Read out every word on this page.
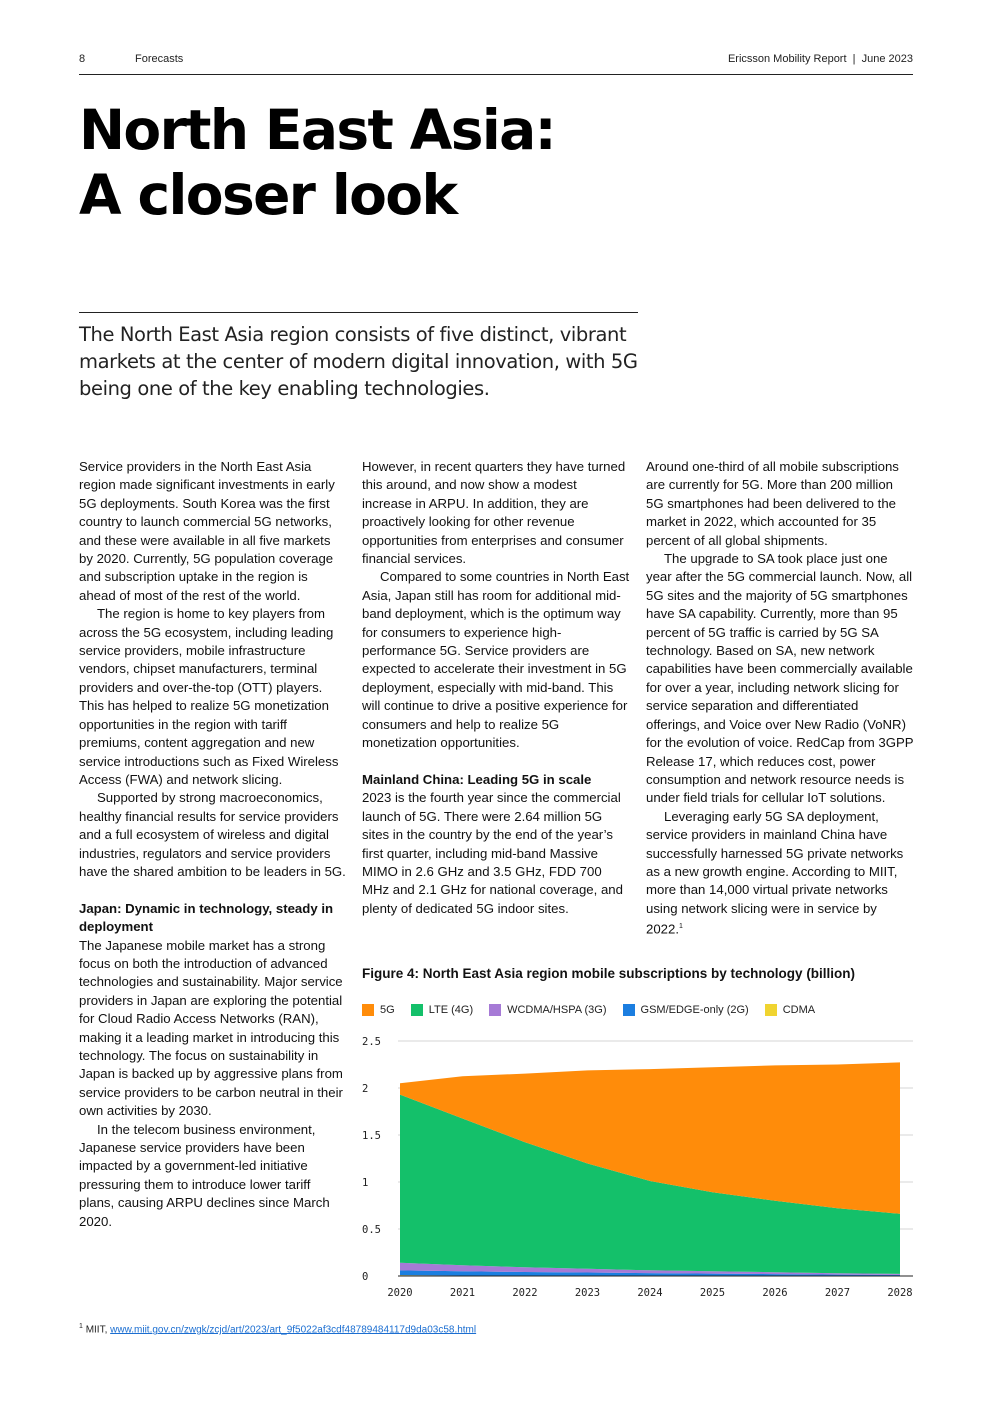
8	Forecasts	Ericsson Mobility Report  |  June 2023
North East Asia:
A closer look
The North East Asia region consists of five distinct, vibrant markets at the center of modern digital innovation, with 5G being one of the key enabling technologies.

Service providers in the North East Asia region made significant investments in early 5G deployments. South Korea was the first country to launch commercial 5G networks, and these were available in all five markets by 2020. Currently, 5G population coverage and subscription uptake in the region is ahead of most of the rest of the world.

The region is home to key players from across the 5G ecosystem, including leading service providers, mobile infrastructure vendors, chipset manufacturers, terminal providers and over-the-top (OTT) players. This has helped to realize 5G monetization opportunities in the region with tariff premiums, content aggregation and new service introductions such as Fixed Wireless Access (FWA) and network slicing.

Supported by strong macroeconomics, healthy financial results for service providers and a full ecosystem of wireless and digital industries, regulators and service providers have the shared ambition to be leaders in 5G.

Japan: Dynamic in technology, steady in deployment

The Japanese mobile market has a strong focus on both the introduction of advanced technologies and sustainability. Major service providers in Japan are exploring the potential for Cloud Radio Access Networks (RAN), making it a leading market in introducing this technology. The focus on sustainability in Japan is backed up by aggressive plans from service providers to be carbon neutral in their own activities by 2030.

In the telecom business environment, Japanese service providers have been impacted by a government-led initiative pressuring them to introduce lower tariff plans, causing ARPU declines since March 2020.

However, in recent quarters they have turned this around, and now show a modest increase in ARPU. In addition, they are proactively looking for other revenue opportunities from enterprises and consumer financial services.

Compared to some countries in North East Asia, Japan still has room for additional mid-band deployment, which is the optimum way for consumers to experience high-performance 5G. Service providers are expected to accelerate their investment in 5G deployment, especially with mid-band. This will continue to drive a positive experience for consumers and help to realize 5G monetization opportunities.

Mainland China: Leading 5G in scale

2023 is the fourth year since the commercial launch of 5G. There were 2.64 million 5G sites in the country by the end of the year’s first quarter, including mid-band Massive MIMO in 2.6 GHz and 3.5 GHz, FDD 700 MHz and 2.1 GHz for national coverage, and plenty of dedicated 5G indoor sites.

Around one-third of all mobile subscriptions are currently for 5G. More than 200 million 5G smartphones had been delivered to the market in 2022, which accounted for 35 percent of all global shipments.

The upgrade to SA took place just one year after the 5G commercial launch. Now, all 5G sites and the majority of 5G smartphones have SA capability. Currently, more than 95 percent of 5G traffic is carried by 5G SA technology. Based on SA, new network capabilities have been commercially available for over a year, including network slicing for service separation and differentiated offerings, and Voice over New Radio (VoNR) for the evolution of voice. RedCap from 3GPP Release 17, which reduces cost, power consumption and network resource needs is under field trials for cellular IoT solutions.

Leveraging early 5G SA deployment, service providers in mainland China have successfully harnessed 5G private networks as a new growth engine. According to MIIT, more than 14,000 virtual private networks using network slicing were in service by 2022.$^1$

Figure 4: North East Asia region mobile subscriptions by technology (billion)
5G	LTE (4G)	WCDMA/HSPA (3G)	GSM/EDGE-only (2G)	CDMA
0
0.5
1
1.5
2
2.5
2020	2021	2022	2023	2024	2025	2026	2027	2028
$^1$ MIIT, www.miit.gov.cn/zwgk/zcjd/art/2023/art_9f5022af3cdf48789484117d9da03c58.html
